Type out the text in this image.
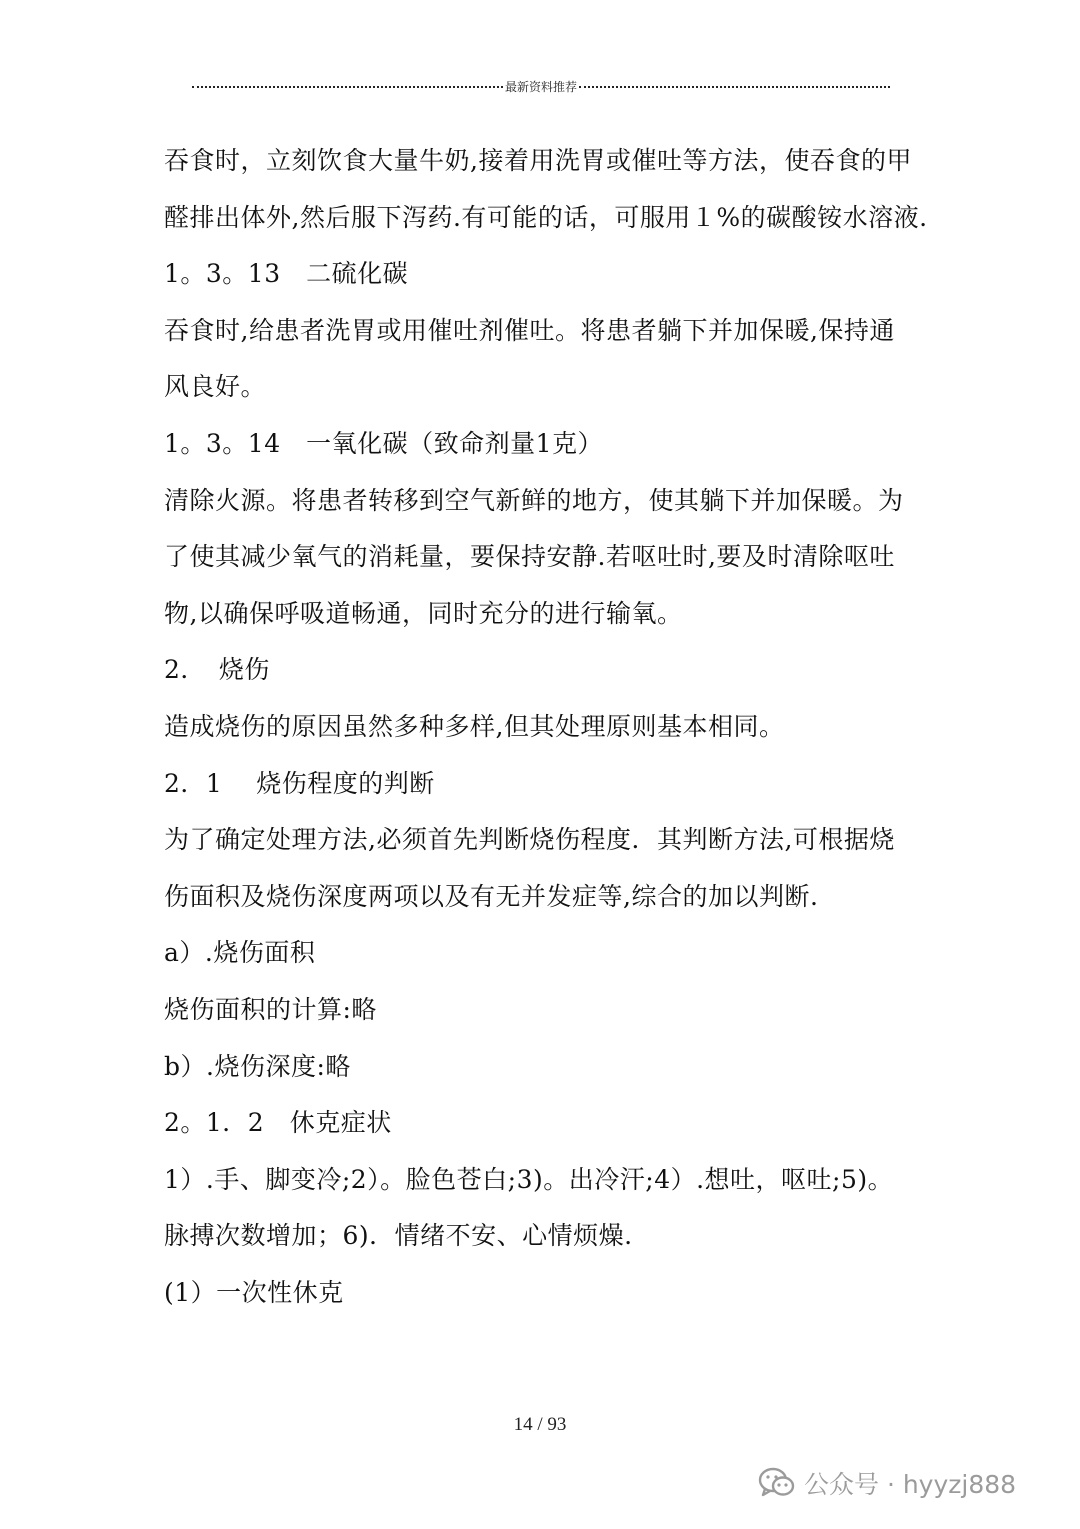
最新资料推荐
吞食时，立刻饮食大量牛奶,接着用洗胃或催吐等方法，使吞食的甲
醛排出体外,然后服下泻药.有可能的话，可服用１%的碳酸铵水溶液.
1。3。13　二硫化碳
吞食时,给患者洗胃或用催吐剂催吐。将患者躺下并加保暖,保持通
风良好。
1。3。14　一氧化碳（致命剂量1克）
清除火源。将患者转移到空气新鲜的地方，使其躺下并加保暖。为
了使其减少氧气的消耗量，要保持安静.若呕吐时,要及时清除呕吐
物,以确保呼吸道畅通，同时充分的进行输氧。
2．　烧伤
造成烧伤的原因虽然多种多样,但其处理原则基本相同。
2．1　 烧伤程度的判断
为了确定处理方法,必须首先判断烧伤程度．其判断方法,可根据烧
伤面积及烧伤深度两项以及有无并发症等,综合的加以判断.
a）.烧伤面积
烧伤面积的计算:略
b）.烧伤深度:略
2。1．2　休克症状
1）.手、脚变冷;2）。脸色苍白;3)。出冷汗;4）.想吐，呕吐;5)。
脉搏次数增加；6)．情绪不安、心情烦燥.
(1）一次性休克
14 / 93
公众号 · hyyzj888
